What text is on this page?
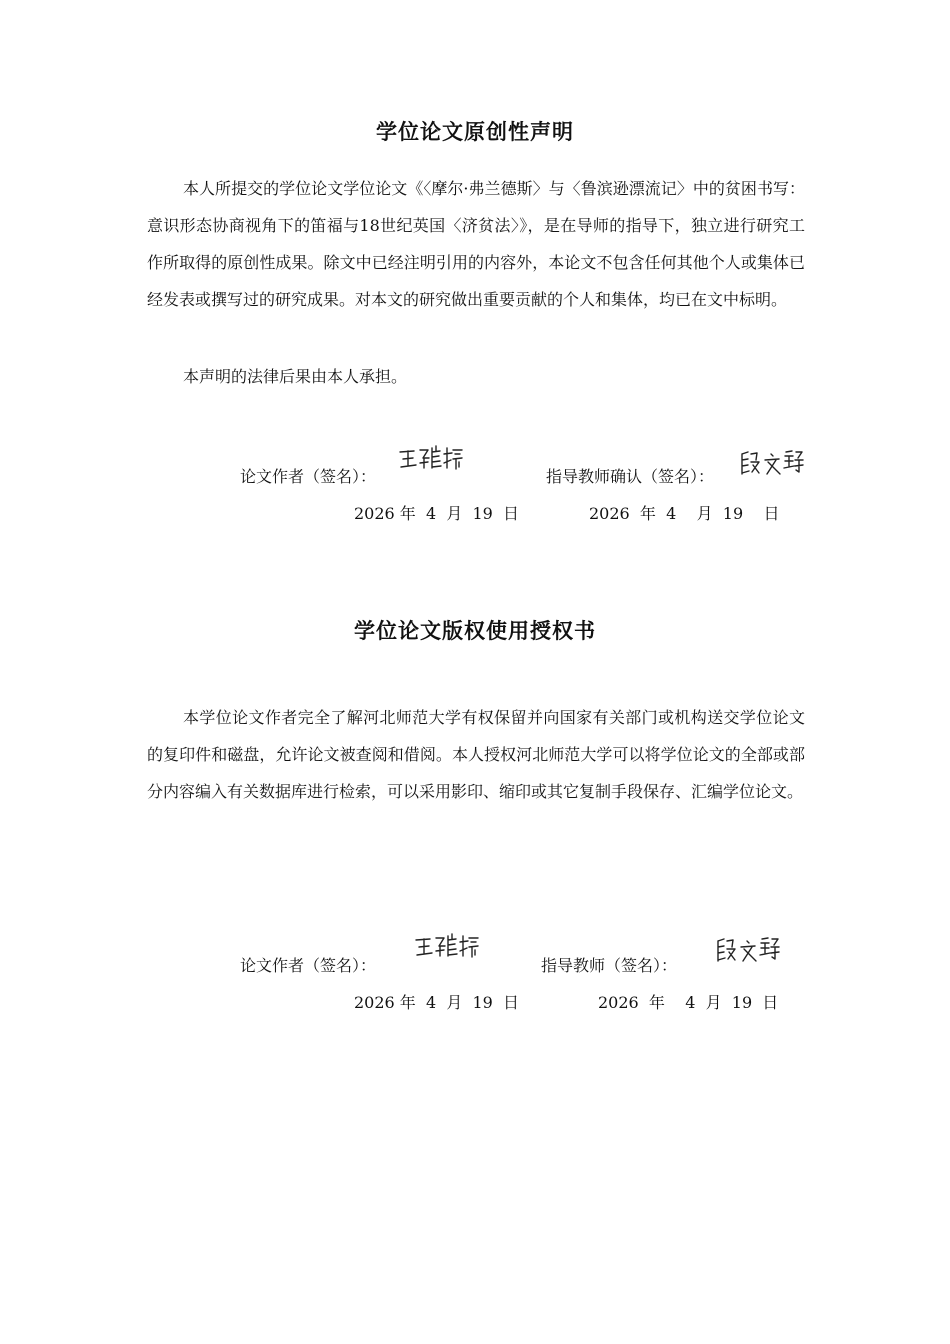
学位论文原创性声明

本人所提交的学位论文学位论文《〈摩尔·弗兰德斯〉与〈鲁滨逊漂流记〉中的贫困书写：意识形态协商视角下的笛福与18世纪英国〈济贫法〉》，是在导师的指导下，独立进行研究工作所取得的原创性成果。除文中已经注明引用的内容外，本论文不包含任何其他个人或集体已经发表或撰写过的研究成果。对本文的研究做出重要贡献的个人和集体，均已在文中标明。

本声明的法律后果由本人承担。

论文作者（签名）：	指导教师确认（签名）：
2026 年  4  月  19  日	2026  年  4    月  19    日
学位论文版权使用授权书

本学位论文作者完全了解河北师范大学有权保留并向国家有关部门或机构送交学位论文的复印件和磁盘，允许论文被查阅和借阅。本人授权河北师范大学可以将学位论文的全部或部分内容编入有关数据库进行检索，可以采用影印、缩印或其它复制手段保存、汇编学位论文。

论文作者（签名）：	指导教师（签名）：
2026 年  4  月  19  日	2026  年    4  月  19  日
